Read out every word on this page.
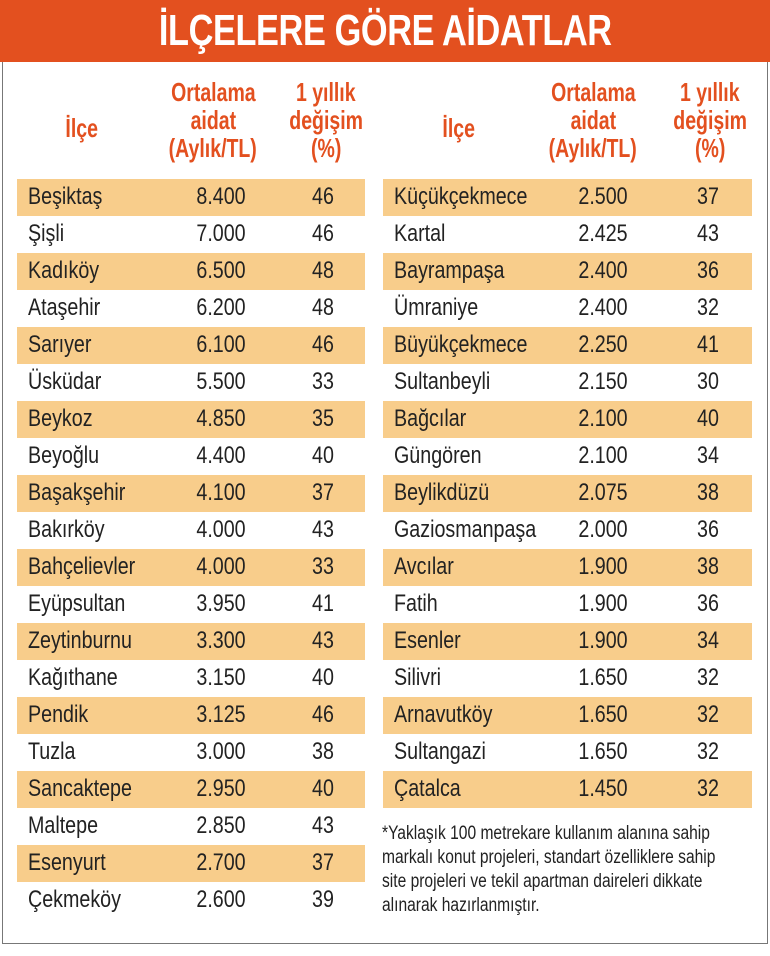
İLÇELERE GÖRE AİDATLAR
İlçe
Ortalama
aidat
(Aylık/TL)
1 yıllık
değişim
(%)
İlçe
Ortalama
aidat
(Aylık/TL)
1 yıllık
değişim
(%)
Beşiktaş	8.400	46
Şişli	7.000	46
Kadıköy	6.500	48
Ataşehir	6.200	48
Sarıyer	6.100	46
Üsküdar	5.500	33
Beykoz	4.850	35
Beyoğlu	4.400	40
Başakşehir	4.100	37
Bakırköy	4.000	43
Bahçelievler	4.000	33
Eyüpsultan	3.950	41
Zeytinburnu	3.300	43
Kağıthane	3.150	40
Pendik	3.125	46
Tuzla	3.000	38
Sancaktepe	2.950	40
Maltepe	2.850	43
Esenyurt	2.700	37
Çekmeköy	2.600	39
Küçükçekmece	2.500	37
Kartal	2.425	43
Bayrampaşa	2.400	36
Ümraniye	2.400	32
Büyükçekmece	2.250	41
Sultanbeyli	2.150	30
Bağcılar	2.100	40
Güngören	2.100	34
Beylikdüzü	2.075	38
Gaziosmanpaşa	2.000	36
Avcılar	1.900	38
Fatih	1.900	36
Esenler	1.900	34
Silivri	1.650	32
Arnavutköy	1.650	32
Sultangazi	1.650	32
Çatalca	1.450	32
*Yaklaşık 100 metrekare kullanım alanına sahip
markalı konut projeleri, standart özelliklere sahip
site projeleri ve tekil apartman daireleri dikkate
alınarak hazırlanmıştır.
